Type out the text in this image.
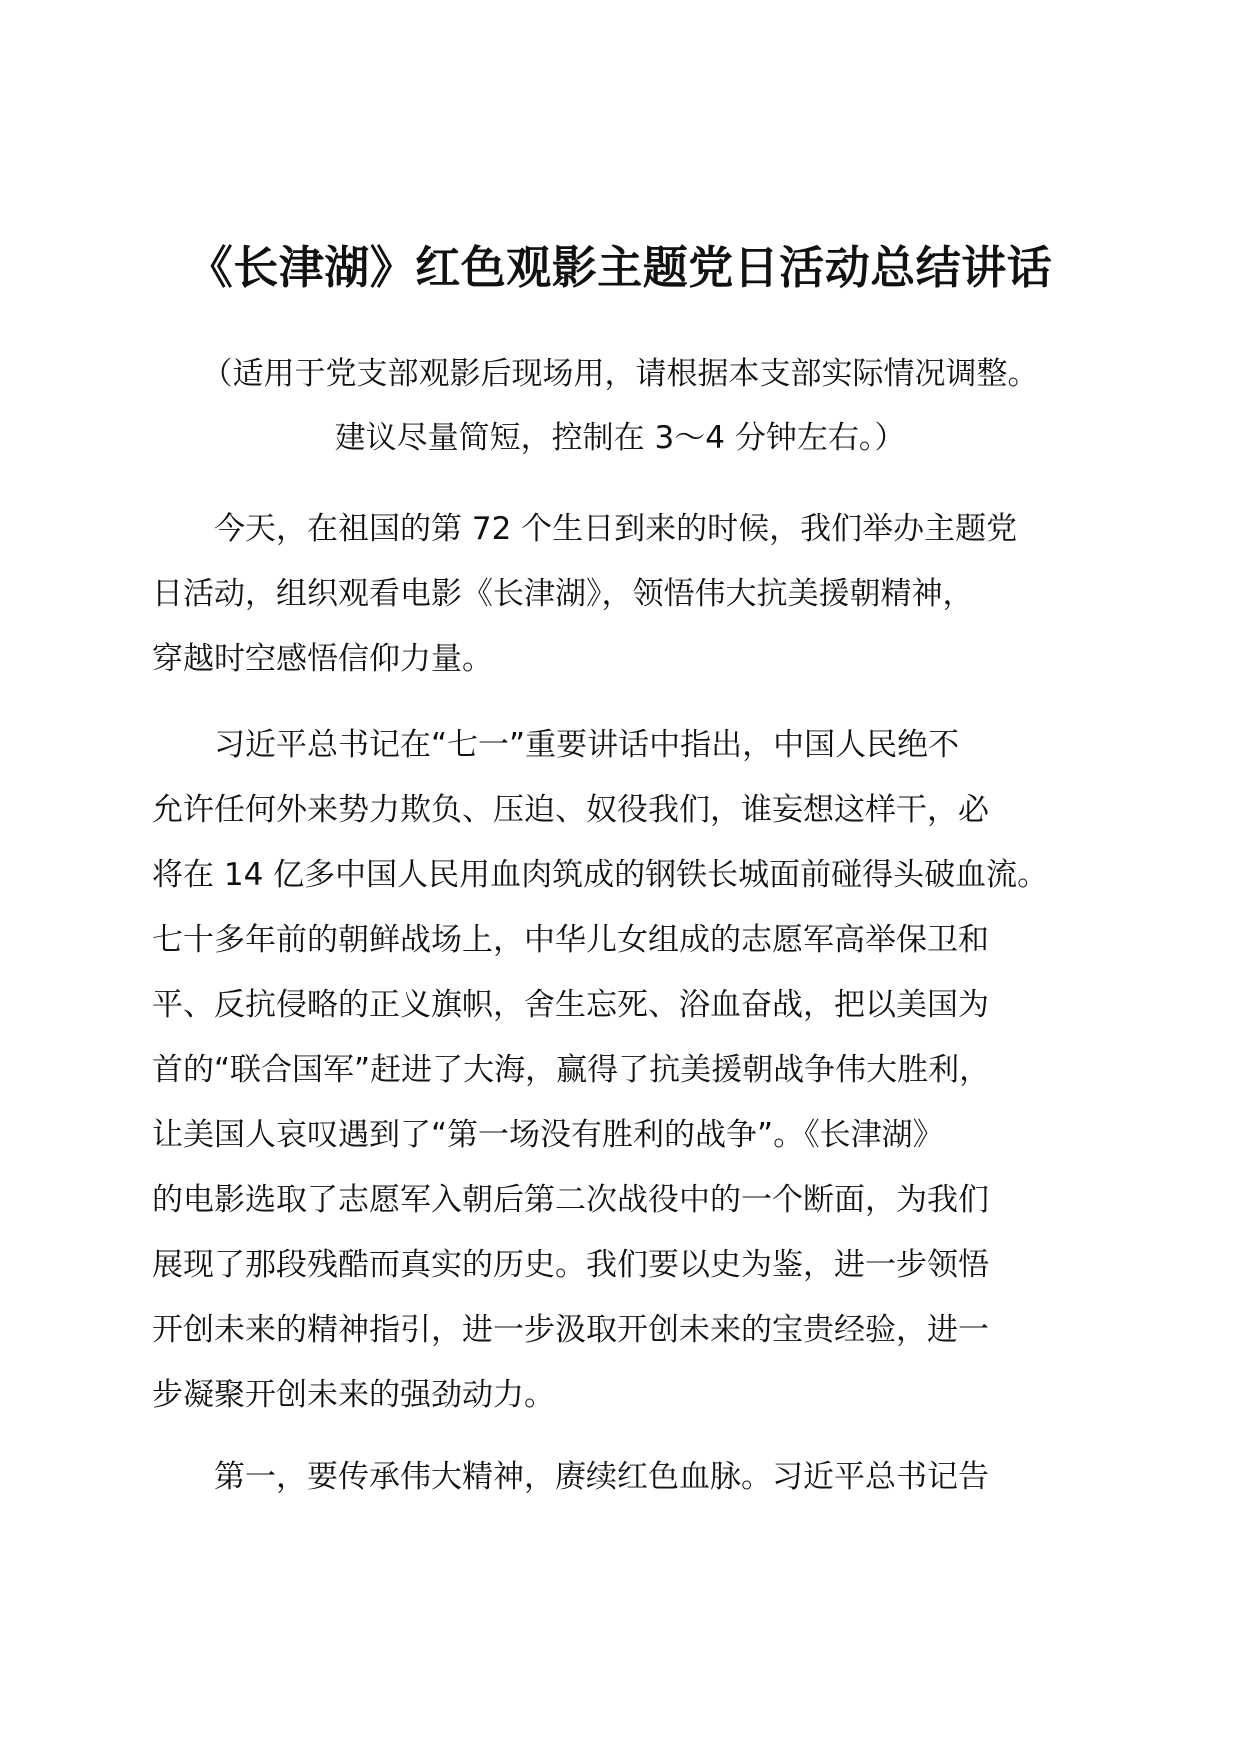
《长津湖》红色观影主题党日活动总结讲话

（适用于党支部观影后现场用，请根据本支部实际情况调整。

建议尽量简短，控制在 3～4 分钟左右。）

　　今天，在祖国的第 72 个生日到来的时候，我们举办主题党
日活动，组织观看电影《长津湖》，领悟伟大抗美援朝精神，
穿越时空感悟信仰力量。
　　习近平总书记在“七一”重要讲话中指出，中国人民绝不
允许任何外来势力欺负、压迫、奴役我们，谁妄想这样干，必
将在 14 亿多中国人民用血肉筑成的钢铁长城面前碰得头破血流。
七十多年前的朝鲜战场上，中华儿女组成的志愿军高举保卫和
平、反抗侵略的正义旗帜，舍生忘死、浴血奋战，把以美国为
首的“联合国军”赶进了大海，赢得了抗美援朝战争伟大胜利，
让美国人哀叹遇到了“第一场没有胜利的战争”。《长津湖》
的电影选取了志愿军入朝后第二次战役中的一个断面，为我们
展现了那段残酷而真实的历史。我们要以史为鉴，进一步领悟
开创未来的精神指引，进一步汲取开创未来的宝贵经验，进一
步凝聚开创未来的强劲动力。
　　第一，要传承伟大精神，赓续红色血脉。习近平总书记告
